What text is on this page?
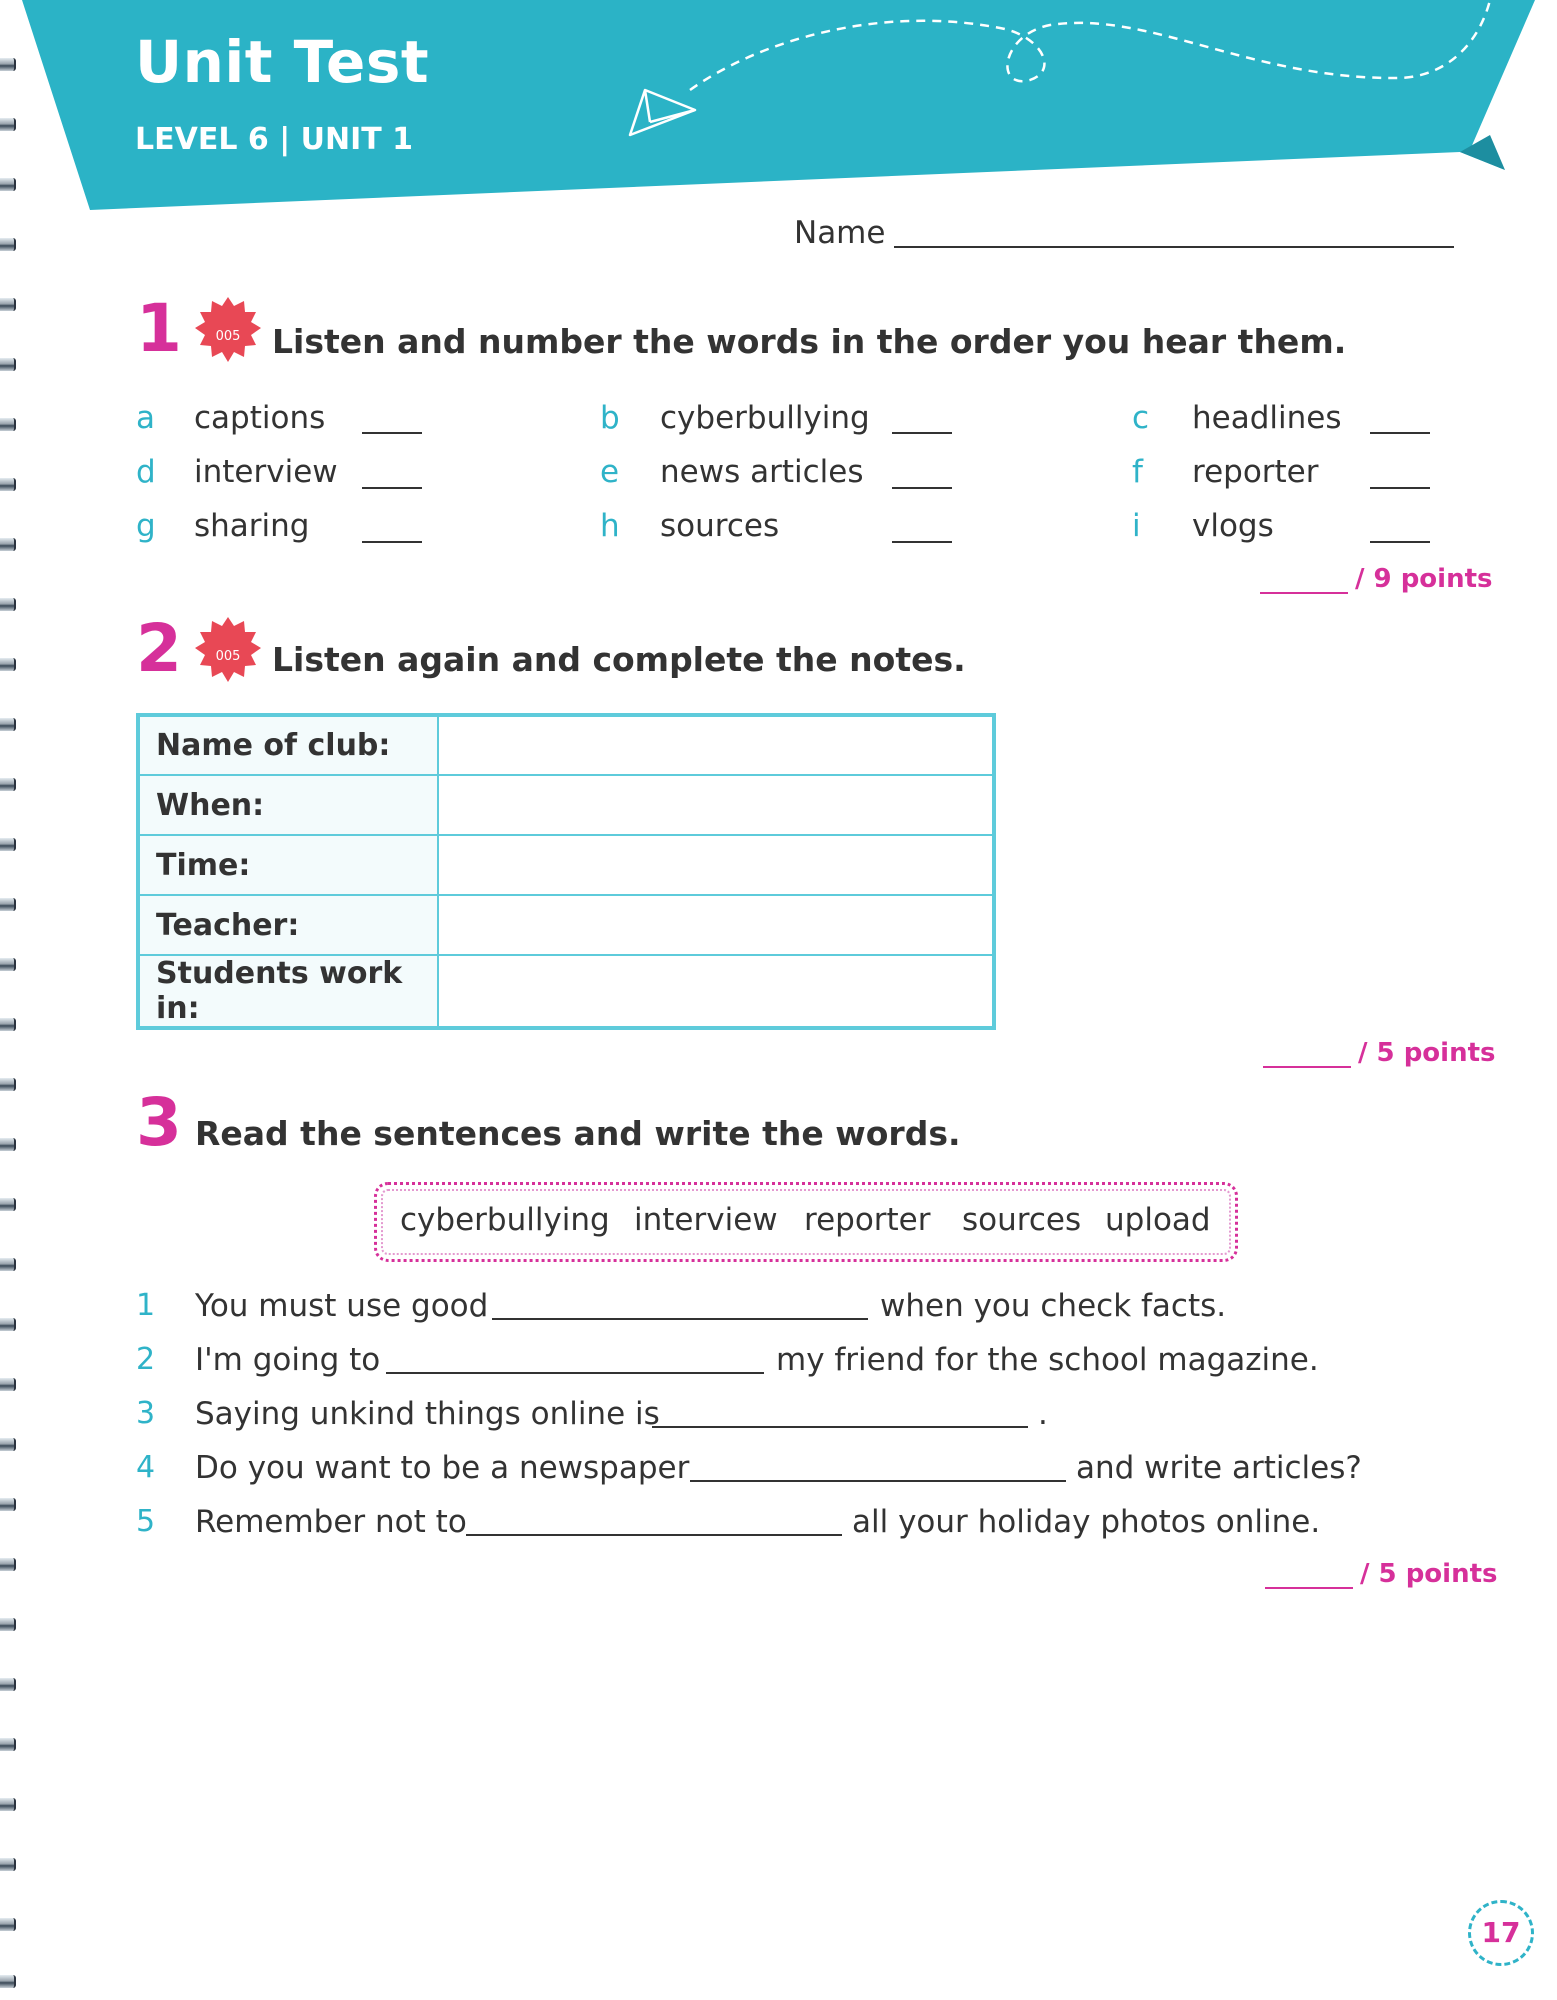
Unit Test
LEVEL 6 | UNIT 1
Name
1	005 Listen and number the words in the order you hear them.
a captions	b cyberbullying	c headlines
d interview	e news articles	f reporter
g sharing	h sources	i vlogs
/ 9 points
2	005 Listen again and complete the notes.
Name of club:	
When:	
Time:	
Teacher:	
Students work in:	
/ 5 points
3 Read the sentences and write the words.
cyberbullying interview reporter sources upload
1 You must use good	when you check facts.
2 I'm going to	my friend for the school magazine.
3 Saying unkind things online is	.
4 Do you want to be a newspaper	and write articles?
5 Remember not to	all your holiday photos online.
/ 5 points
17
